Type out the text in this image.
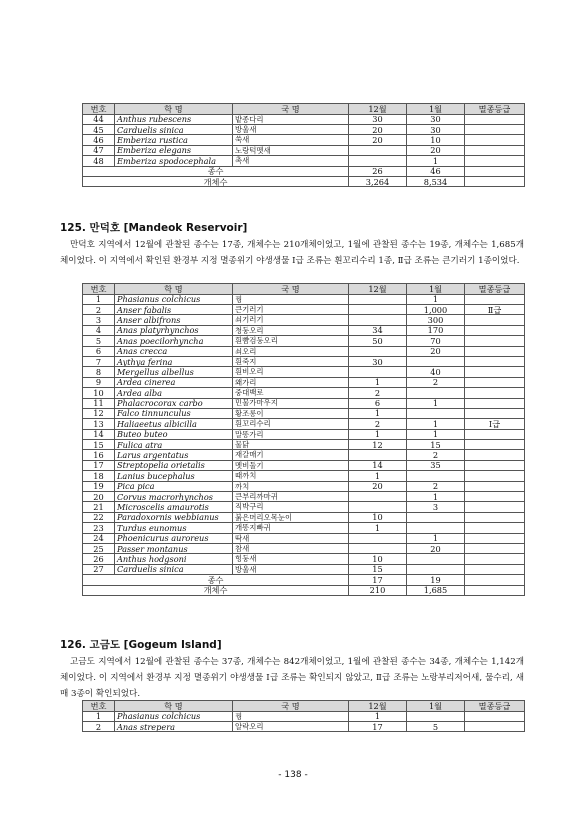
번호	학 명	국 명	12월	1월	멸종등급
44	Anthus rubescens	밭종다리	30	30	
45	Carduelis sinica	방울새	20	30	
46	Emberiza rustica	쑥새	20	10	
47	Emberiza elegans	노랑턱멧새		20	
48	Emberiza spodocephala	촉새		1	
종수			26	46	
개체수			3,264	8,534	
125. 만덕호 [Mandeok Reservoir]

만덕호 지역에서 12월에 관찰된 종수는 17종, 개체수는 210개체이었고, 1월에 관찰된 종수는 19종, 개체수는 1,685개체이었다. 이 지역에서 확인된 환경부 지정 멸종위기 야생생물 Ⅰ급 조류는 흰꼬리수리 1종, Ⅱ급 조류는 큰기러기 1종이었다.

번호	학 명	국 명	12월	1월	멸종등급
1	Phasianus colchicus	꿩		1	
2	Anser fabalis	큰기러기		1,000	Ⅱ급
3	Anser albifrons	쇠기러기		300	
4	Anas platyrhynchos	청둥오리	34	170	
5	Anas poecilorhyncha	흰뺨검둥오리	50	70	
6	Anas crecca	쇠오리		20	
7	Aythya ferina	흰죽지	30		
8	Mergellus albellus	흰비오리		40	
9	Ardea cinerea	왜가리	1	2	
10	Ardea alba	중대백로	2		
11	Phalacrocorax carbo	민물가마우지	6	1	
12	Falco tinnunculus	황조롱이	1		
13	Haliaeetus albicilla	흰꼬리수리	2	1	Ⅰ급
14	Buteo buteo	말똥가리	1	1	
15	Fulica atra	물닭	12	15	
16	Larus argentatus	재갈매기		2	
17	Streptopelia orietalis	멧비둘기	14	35	
18	Lanius bucephalus	때까치	1		
19	Pica pica	까치	20	2	
20	Corvus macrorhynchos	큰부리까마귀		1	
21	Microscelis amaurotis	직박구리		3	
22	Paradoxornis webbianus	붉은머리오목눈이	10		
23	Turdus eunomus	개똥지빠귀	1		
24	Phoenicurus auroreus	딱새		1	
25	Passer montanus	참새		20	
26	Anthus hodgsoni	힝둥새	10		
27	Carduelis sinica	방울새	15		
종수			17	19	
개체수			210	1,685	
126. 고금도 [Gogeum Island]

고금도 지역에서 12월에 관찰된 종수는 37종, 개체수는 842개체이었고, 1월에 관찰된 종수는 34종, 개체수는 1,142개체이었다. 이 지역에서 환경부 지정 멸종위기 야생생물 Ⅰ급 조류는 확인되지 않았고, Ⅱ급 조류는 노랑부리저어새, 물수리, 새매 3종이 확인되었다.

번호	학 명	국 명	12월	1월	멸종등급
1	Phasianus colchicus	꿩	1		
2	Anas strepera	알락오리	17	5	
- 138 -
